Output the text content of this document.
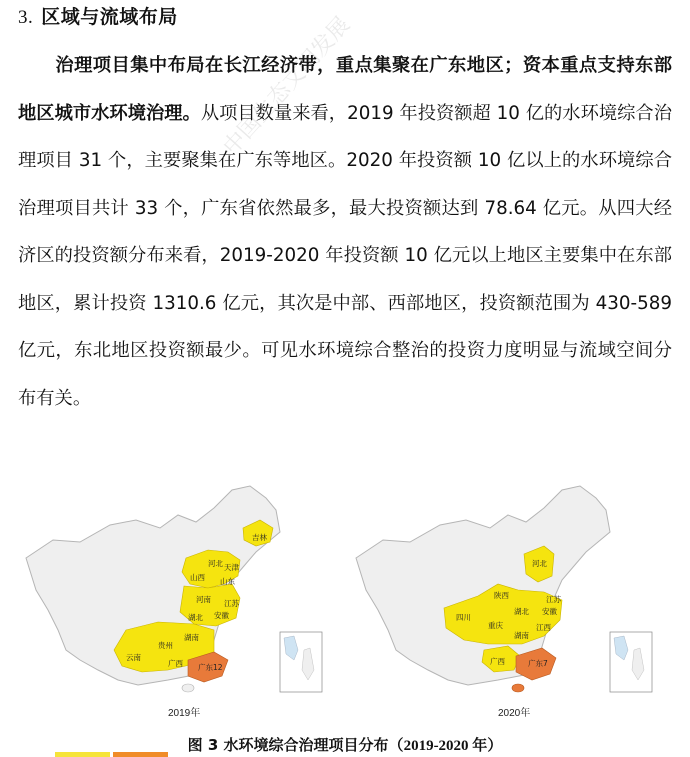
中国生态文明发展
3. 区域与流域布局
治理项目集中布局在长江经济带，重点集聚在广东地区；资本重点支持东部地区城市水环境治理。从项目数量来看，2019 年投资额超 10 亿的水环境综合治理项目 31 个，主要聚集在广东等地区。2020 年投资额 10 亿以上的水环境综合治理项目共计 33 个，广东省依然最多，最大投资额达到 78.64 亿元。从四大经济区的投资额分布来看，2019-2020 年投资额 10 亿元以上地区主要集中在东部地区，累计投资 1310.6 亿元，其次是中部、西部地区，投资额范围为 430-589 亿元，东北地区投资额最少。可见水环境综合整治的投资力度明显与流域空间分布有关。
吉林
河北 天津
山西 山东
河南 江苏
安徽
湖北
湖南
贵州
云南
广西 广东12
2019年
河北
陕西	江苏
四川
湖北 安徽
重庆	江西
湖南
广西	广东7
2020年
图 3 水环境综合治理项目分布（2019-2020 年）
